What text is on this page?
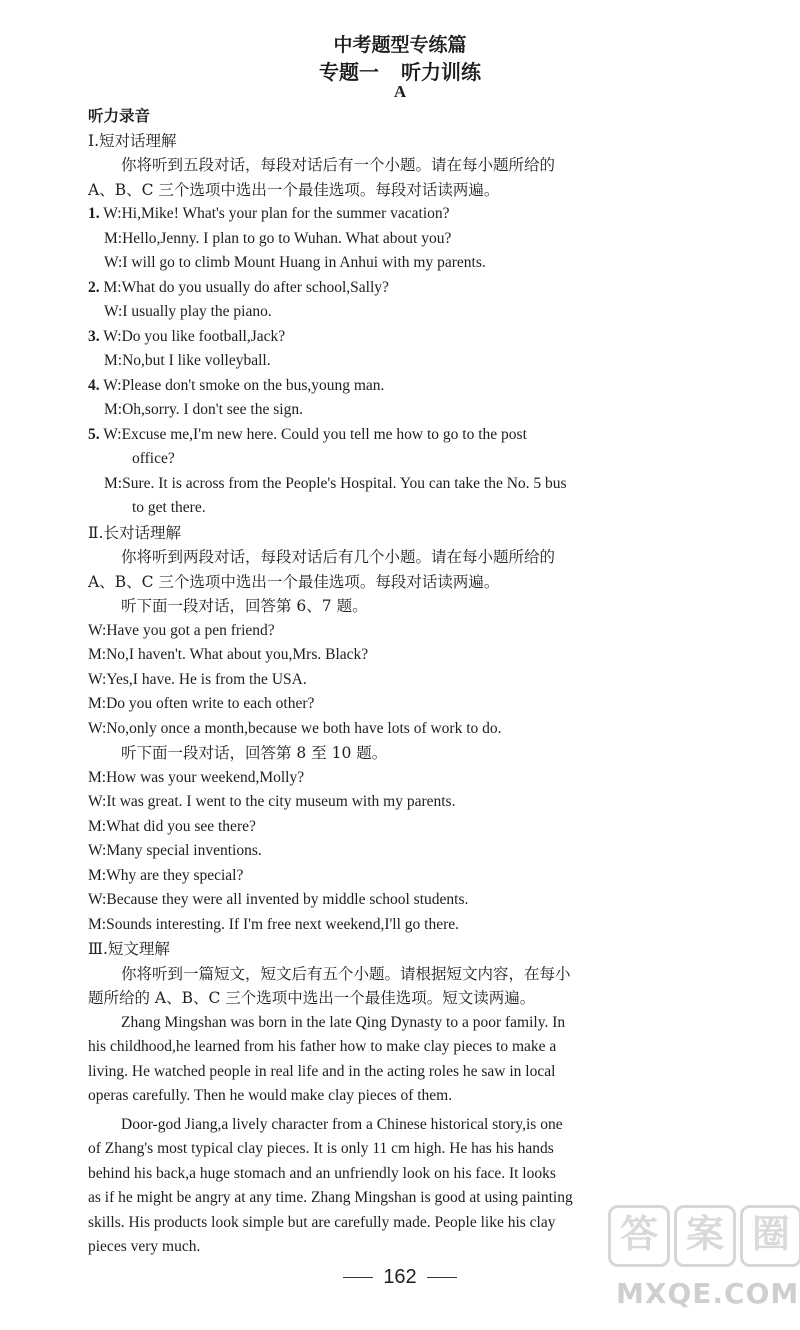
中考题型专练篇
专题一 听力训练
A
听力录音
Ⅰ.短对话理解
你将听到五段对话，每段对话后有一个小题。请在每小题所给的
A、B、C 三个选项中选出一个最佳选项。每段对话读两遍。
1. W:Hi,Mike! What's your plan for the summer vacation?
M:Hello,Jenny. I plan to go to Wuhan. What about you?
W:I will go to climb Mount Huang in Anhui with my parents.
2. M:What do you usually do after school,Sally?
W:I usually play the piano.
3. W:Do you like football,Jack?
M:No,but I like volleyball.
4. W:Please don't smoke on the bus,young man.
M:Oh,sorry. I don't see the sign.
5. W:Excuse me,I'm new here. Could you tell me how to go to the post
office?
M:Sure. It is across from the People's Hospital. You can take the No. 5 bus
to get there.
Ⅱ.长对话理解
你将听到两段对话，每段对话后有几个小题。请在每小题所给的
A、B、C 三个选项中选出一个最佳选项。每段对话读两遍。
听下面一段对话，回答第 6、7 题。
W:Have you got a pen friend?
M:No,I haven't. What about you,Mrs. Black?
W:Yes,I have. He is from the USA.
M:Do you often write to each other?
W:No,only once a month,because we both have lots of work to do.
听下面一段对话，回答第 8 至 10 题。
M:How was your weekend,Molly?
W:It was great. I went to the city museum with my parents.
M:What did you see there?
W:Many special inventions.
M:Why are they special?
W:Because they were all invented by middle school students.
M:Sounds interesting. If I'm free next weekend,I'll go there.
Ⅲ.短文理解
你将听到一篇短文，短文后有五个小题。请根据短文内容，在每小
题所给的 A、B、C 三个选项中选出一个最佳选项。短文读两遍。
Zhang Mingshan was born in the late Qing Dynasty to a poor family. In
his childhood,he learned from his father how to make clay pieces to make a
living. He watched people in real life and in the acting roles he saw in local
operas carefully. Then he would make clay pieces of them.
Door-god Jiang,a lively character from a Chinese historical story,is one
of Zhang's most typical clay pieces. It is only 11 cm high. He has his hands
behind his back,a huge stomach and an unfriendly look on his face. It looks
as if he might be angry at any time. Zhang Mingshan is good at using painting
skills. His products look simple but are carefully made. People like his clay
pieces very much.
162
答 案 圈
MXQE.COM
